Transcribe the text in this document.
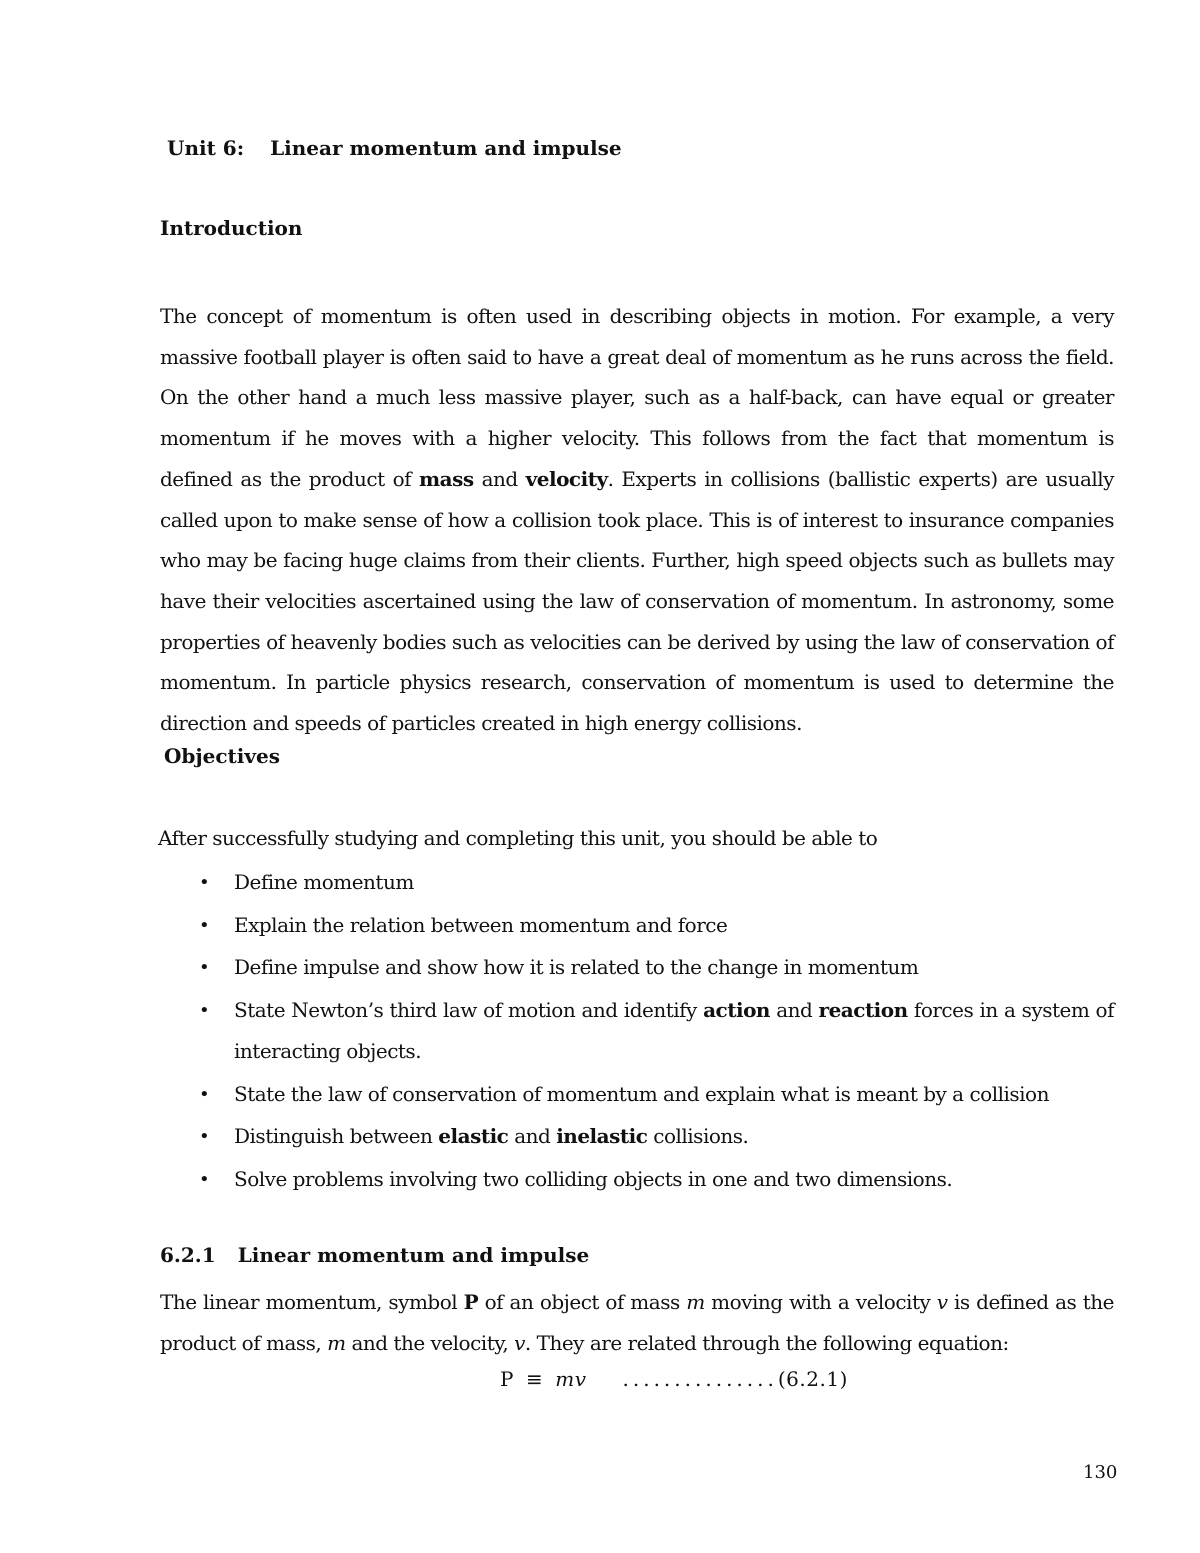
Unit 6: Linear momentum and impulse
Introduction

The concept of momentum is often used in describing objects in motion. For example, a very massive football player is often said to have a great deal of momentum as he runs across the field. On the other hand a much less massive player, such as a half-back, can have equal or greater momentum if he moves with a higher velocity. This follows from the fact that momentum is defined as the product of mass and velocity. Experts in collisions (ballistic experts) are usually called upon to make sense of how a collision took place. This is of interest to insurance companies who may be facing huge claims from their clients. Further, high speed objects such as bullets may have their velocities ascertained using the law of conservation of momentum. In astronomy, some properties of heavenly bodies such as velocities can be derived by using the law of conservation of momentum. In particle physics research, conservation of momentum is used to determine the direction and speeds of particles created in high energy collisions.

Objectives

After successfully studying and completing this unit, you should be able to

• Define momentum
• Explain the relation between momentum and force
• Define impulse and show how it is related to the change in momentum
• State Newton’s third law of motion and identify action and reaction forces in a system of interacting objects.
• State the law of conservation of momentum and explain what is meant by a collision
• Distinguish between elastic and inelastic collisions.
• Solve problems involving two colliding objects in one and two dimensions.
6.2.1 Linear momentum and impulse

The linear momentum, symbol P of an object of mass m moving with a velocity v is defined as the product of mass, m and the velocity, v. They are related through the following equation:

P ≡ mv ...............(6.2.1)
130
